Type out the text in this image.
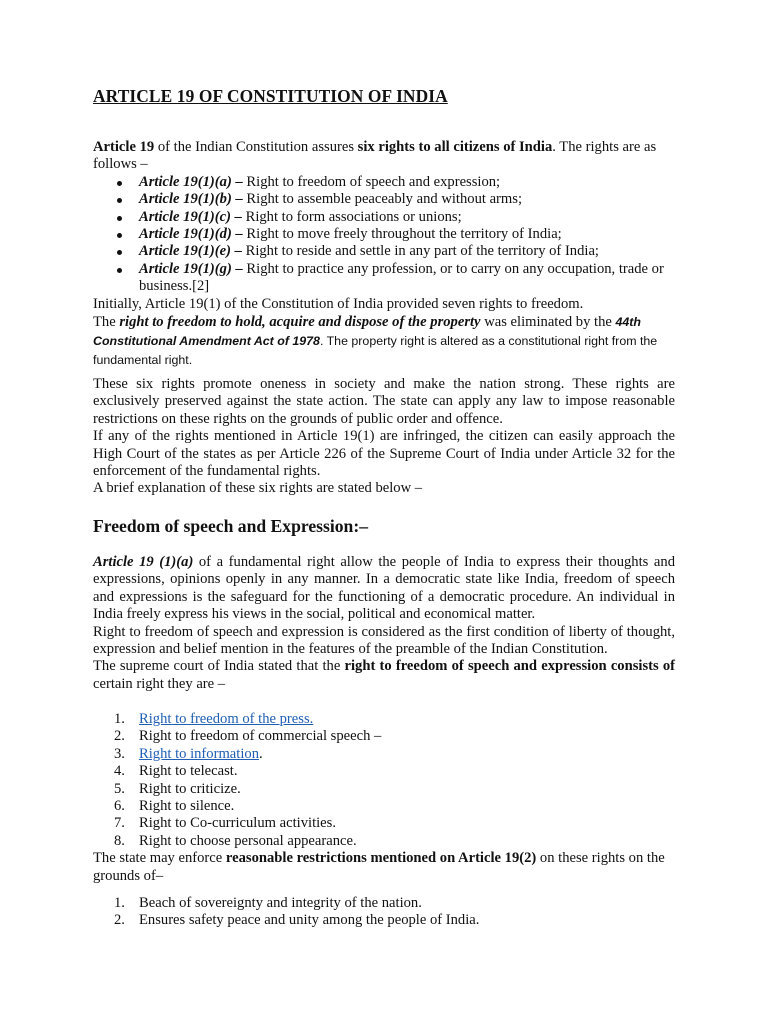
ARTICLE 19 OF CONSTITUTION OF INDIA

Article 19 of the Indian Constitution assures six rights to all citizens of India. The rights are as follows –

Article 19(1)(a) – Right to freedom of speech and expression;
Article 19(1)(b) – Right to assemble peaceably and without arms;
Article 19(1)(c) – Right to form associations or unions;
Article 19(1)(d) – Right to move freely throughout the territory of India;
Article 19(1)(e) – Right to reside and settle in any part of the territory of India;
Article 19(1)(g) – Right to practice any profession, or to carry on any occupation, trade or business.[2]

Initially, Article 19(1) of the Constitution of India provided seven rights to freedom.

The right to freedom to hold, acquire and dispose of the property was eliminated by the 44th Constitutional Amendment Act of 1978. The property right is altered as a constitutional right from the fundamental right.

These six rights promote oneness in society and make the nation strong. These rights are exclusively preserved against the state action. The state can apply any law to impose reasonable restrictions on these rights on the grounds of public order and offence.

If any of the rights mentioned in Article 19(1) are infringed, the citizen can easily approach the High Court of the states as per Article 226 of the Supreme Court of India under Article 32 for the enforcement of the fundamental rights.

A brief explanation of these six rights are stated below –

Freedom of speech and Expression:–

Article 19 (1)(a) of a fundamental right allow the people of India to express their thoughts and expressions, opinions openly in any manner. In a democratic state like India, freedom of speech and expressions is the safeguard for the functioning of a democratic procedure. An individual in India freely express his views in the social, political and economical matter.

Right to freedom of speech and expression is considered as the first condition of liberty of thought, expression and belief mention in the features of the preamble of the Indian Constitution.

The supreme court of India stated that the right to freedom of speech and expression consists of certain right they are –

1. Right to freedom of the press.
2. Right to freedom of commercial speech –
3. Right to information.
4. Right to telecast.
5. Right to criticize.
6. Right to silence.
7. Right to Co-curriculum activities.
8. Right to choose personal appearance.

The state may enforce reasonable restrictions mentioned on Article 19(2) on these rights on the grounds of–

1. Beach of sovereignty and integrity of the nation.
2. Ensures safety peace and unity among the people of India.
